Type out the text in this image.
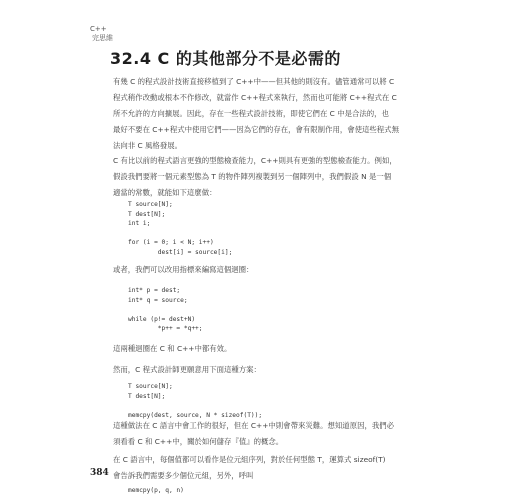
C++
完思維
32.4 C 的其他部分不是必需的
有幾 C 的程式設計技術直接移植到了 C++中——但其他的則沒有。儘管通常可以將 C
程式稍作改動或根本不作修改，就當作 C++程式來執行，然而也可能將 C++程式在 C
所不允許的方向擴展。因此，存在一些程式設計技術，即使它們在 C 中是合法的，也
最好不要在 C++程式中使用它們——因為它們的存在，會有限制作用，會使這些程式無
法向非 C 風格發展。
C 有比以前的程式語言更強的型態檢查能力，C++則具有更強的型態檢查能力。例如，
假設我們要將一個元素型態為 T 的物件陣列複製到另一個陣列中，我們假設 N 是一個
適當的常數，就能如下這麼做：
T source[N];
T dest[N];
int i;

for (i = 0; i < N; i++)
dest[i] = source[i];
或者，我們可以改用指標來編寫這個迴圈：
int* p = dest;
int* q = source;

while (p!= dest+N)
*p++ = *q++;
這兩種迴圈在 C 和 C++中都有效。
然而，C 程式設計師更願意用下面這種方案：
T source[N];
T dest[N];

memcpy(dest, source, N * sizeof(T));
這種做法在 C 語言中會工作的很好，但在 C++中則會帶來災難。想知道原因，我們必
須看看 C 和 C++中，關於如何儲存『值』的概念。
在 C 語言中，每個值都可以看作是位元組序列，對於任何型態 T，運算式 sizeof(T)
會告訴我們需要多少個位元組，另外，呼叫
memcpy(p, q, n)
384
